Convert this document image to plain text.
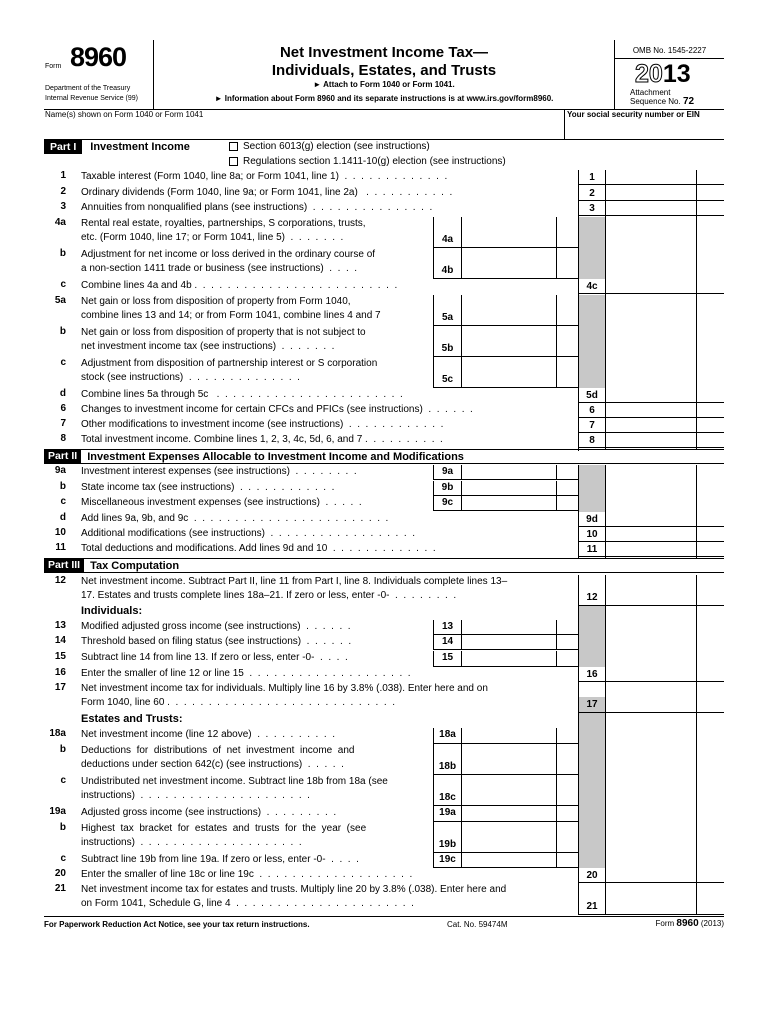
Form 8960
Department of the Treasury
Internal Revenue Service (99)
Net Investment Income Tax—
Individuals, Estates, and Trusts
► Attach to Form 1040 or Form 1041.
► Information about Form 8960 and its separate instructions is at www.irs.gov/form8960.
OMB No. 1545-2227
2013
Attachment
Sequence No. 72
Name(s) shown on Form 1040 or Form 1041	Your social security number or EIN
Part I	Investment Income	Section 6013(g) election (see instructions)
Regulations section 1.1411-10(g) election (see instructions)
Part II Investment Expenses Allocable to Investment Income and Modifications
Part III Tax Computation
Individuals:
Estates and Trusts:
1 Taxable interest (Form 1040, line 8a; or Form 1041, line 1)  .  .  .  .  .  .  .  .  .  .  .  .  .	1
2 Ordinary dividends (Form 1040, line 9a; or Form 1041, line 2a)   .  .  .  .  .  .  .  .  .  .  .	2
3 Annuities from nonqualified plans (see instructions)  .  .  .  .  .  .  .  .  .  .  .  .  .  .  .	3
4a Rental real estate, royalties, partnerships, S corporations, trusts,
etc. (Form 1040, line 17; or Form 1041, line 5)  .  .  .  .  .  .  .	4a
b Adjustment for net income or loss derived in the ordinary course of
a non-section 1411 trade or business (see instructions)  .  .  .  .	4b
c Combine lines 4a and 4b .  .  .  .  .  .  .  .  .  .  .  .  .  .  .  .  .  .  .  .  .  .  .  .  .	4c
5a Net gain or loss from disposition of property from Form 1040,
combine lines 13 and 14; or from Form 1041, combine lines 4 and 7	5a
b Net gain or loss from disposition of property that is not subject to
net investment income tax (see instructions)  .  .  .  .  .  .  .	5b
c Adjustment from disposition of partnership interest or S corporation
stock (see instructions)  .  .  .  .  .  .  .  .  .  .  .  .  .  .	5c
d Combine lines 5a through 5c   .  .  .  .  .  .  .  .  .  .  .  .  .  .  .  .  .  .  .  .  .  .  .	5d
6 Changes to investment income for certain CFCs and PFICs (see instructions)  .  .  .  .  .  .	6
7 Other modifications to investment income (see instructions)  .  .  .  .  .  .  .  .  .  .  .  .	7
8 Total investment income. Combine lines 1, 2, 3, 4c, 5d, 6, and 7 .  .  .  .  .  .  .  .  .  .	8
9a Investment interest expenses (see instructions)  .  .  .  .  .  .  .  .	9a
b State income tax (see instructions)  .  .  .  .  .  .  .  .  .  .  .  .	9b
c Miscellaneous investment expenses (see instructions)  .  .  .  .  .	9c
d Add lines 9a, 9b, and 9c  .  .  .  .  .  .  .  .  .  .  .  .  .  .  .  .  .  .  .  .  .  .  .  .	9d
10 Additional modifications (see instructions)  .  .  .  .  .  .  .  .  .  .  .  .  .  .  .  .  .  .	10
11 Total deductions and modifications. Add lines 9d and 10  .  .  .  .  .  .  .  .  .  .  .  .  .	11
12 Net investment income. Subtract Part II, line 11 from Part I, line 8. Individuals complete lines 13–
17. Estates and trusts complete lines 18a–21. If zero or less, enter -0-  .  .  .  .  .  .  .  .	12
13 Modified adjusted gross income (see instructions)  .  .  .  .  .  .	13
14 Threshold based on filing status (see instructions)  .  .  .  .  .  .	14
15 Subtract line 14 from line 13. If zero or less, enter -0-  .  .  .  .	15
16 Enter the smaller of line 12 or line 15  .  .  .  .  .  .  .  .  .  .  .  .  .  .  .  .  .  .  .  .	16
17 Net investment income tax for individuals. Multiply line 16 by 3.8% (.038). Enter here and on
Form 1040, line 60 .  .  .  .  .  .  .  .  .  .  .  .  .  .  .  .  .  .  .  .  .  .  .  .  .  .  .  .	17
18a Net investment income (line 12 above)  .  .  .  .  .  .  .  .  .  .	18a
b Deductions  for  distributions  of  net  investment  income  and
deductions under section 642(c) (see instructions)  .  .  .  .  .	18b
c Undistributed net investment income. Subtract line 18b from 18a (see
instructions)  .  .  .  .  .  .  .  .  .  .  .  .  .  .  .  .  .  .  .  .  .	18c
19a Adjusted gross income (see instructions)  .  .  .  .  .  .  .  .  .	19a
b Highest  tax  bracket  for  estates  and  trusts  for  the  year  (see
instructions)  .  .  .  .  .  .  .  .  .  .  .  .  .  .  .  .  .  .  .  .	19b
c Subtract line 19b from line 19a. If zero or less, enter -0-  .  .  .  .	19c
20 Enter the smaller of line 18c or line 19c  .  .  .  .  .  .  .  .  .  .  .  .  .  .  .  .  .  .  .	20
21 Net investment income tax for estates and trusts. Multiply line 20 by 3.8% (.038). Enter here and
on Form 1041, Schedule G, line 4  .  .  .  .  .  .  .  .  .  .  .  .  .  .  .  .  .  .  .  .  .  .	21
For Paperwork Reduction Act Notice, see your tax return instructions.	Cat. No. 59474M	Form 8960 (2013)
